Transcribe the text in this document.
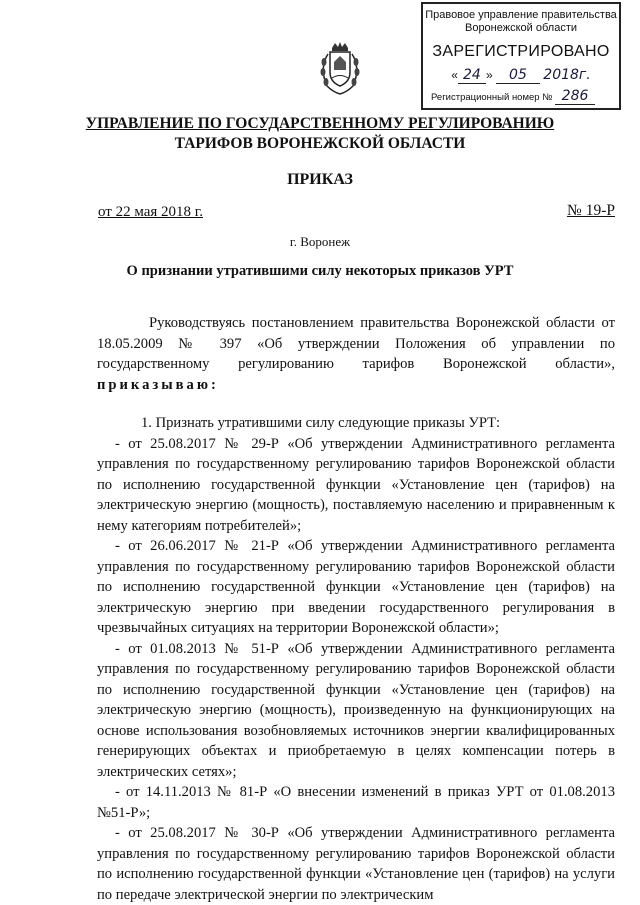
Правовое управление правительства
Воронежской области
ЗАРЕГИСТРИРОВАНО
« 24 » 05 2018г.
Регистрационный номер № 286
УПРАВЛЕНИЕ ПО ГОСУДАРСТВЕННОМУ РЕГУЛИРОВАНИЮ
ТАРИФОВ ВОРОНЕЖСКОЙ ОБЛАСТИ
ПРИКАЗ
от 22 мая 2018 г.	№ 19-Р
г. Воронеж
О признании утратившими силу некоторых приказов УРТ

Руководствуясь постановлением правительства Воронежской области от 18.05.2009 № 397 «Об утверждении Положения об управлении по государственному регулированию тарифов Воронежской области», приказываю:

1. Признать утратившими силу следующие приказы УРТ:

- от 25.08.2017 № 29-Р «Об утверждении Административного регламента управления по государственному регулированию тарифов Воронежской области по исполнению государственной функции «Установление цен (тарифов) на электрическую энергию (мощность), поставляемую населению и приравненным к нему категориям потребителей»;

- от 26.06.2017 № 21-Р «Об утверждении Административного регламента управления по государственному регулированию тарифов Воронежской области по исполнению государственной функции «Установление цен (тарифов) на электрическую энергию при введении государственного регулирования в чрезвычайных ситуациях на территории Воронежской области»;

- от 01.08.2013 № 51-Р «Об утверждении Административного регламента управления по государственному регулированию тарифов Воронежской области по исполнению государственной функции «Установление цен (тарифов) на электрическую энергию (мощность), произведенную на функционирующих на основе использования возобновляемых источников энергии квалифицированных генерирующих объектах и приобретаемую в целях компенсации потерь в электрических сетях»;

- от 14.11.2013 № 81-Р «О внесении изменений в приказ УРТ от 01.08.2013 №51-Р»;

- от 25.08.2017 № 30-Р «Об утверждении Административного регламента управления по государственному регулированию тарифов Воронежской области по исполнению государственной функции «Установление цен (тарифов) на услуги по передаче электрической энергии по электрическим
